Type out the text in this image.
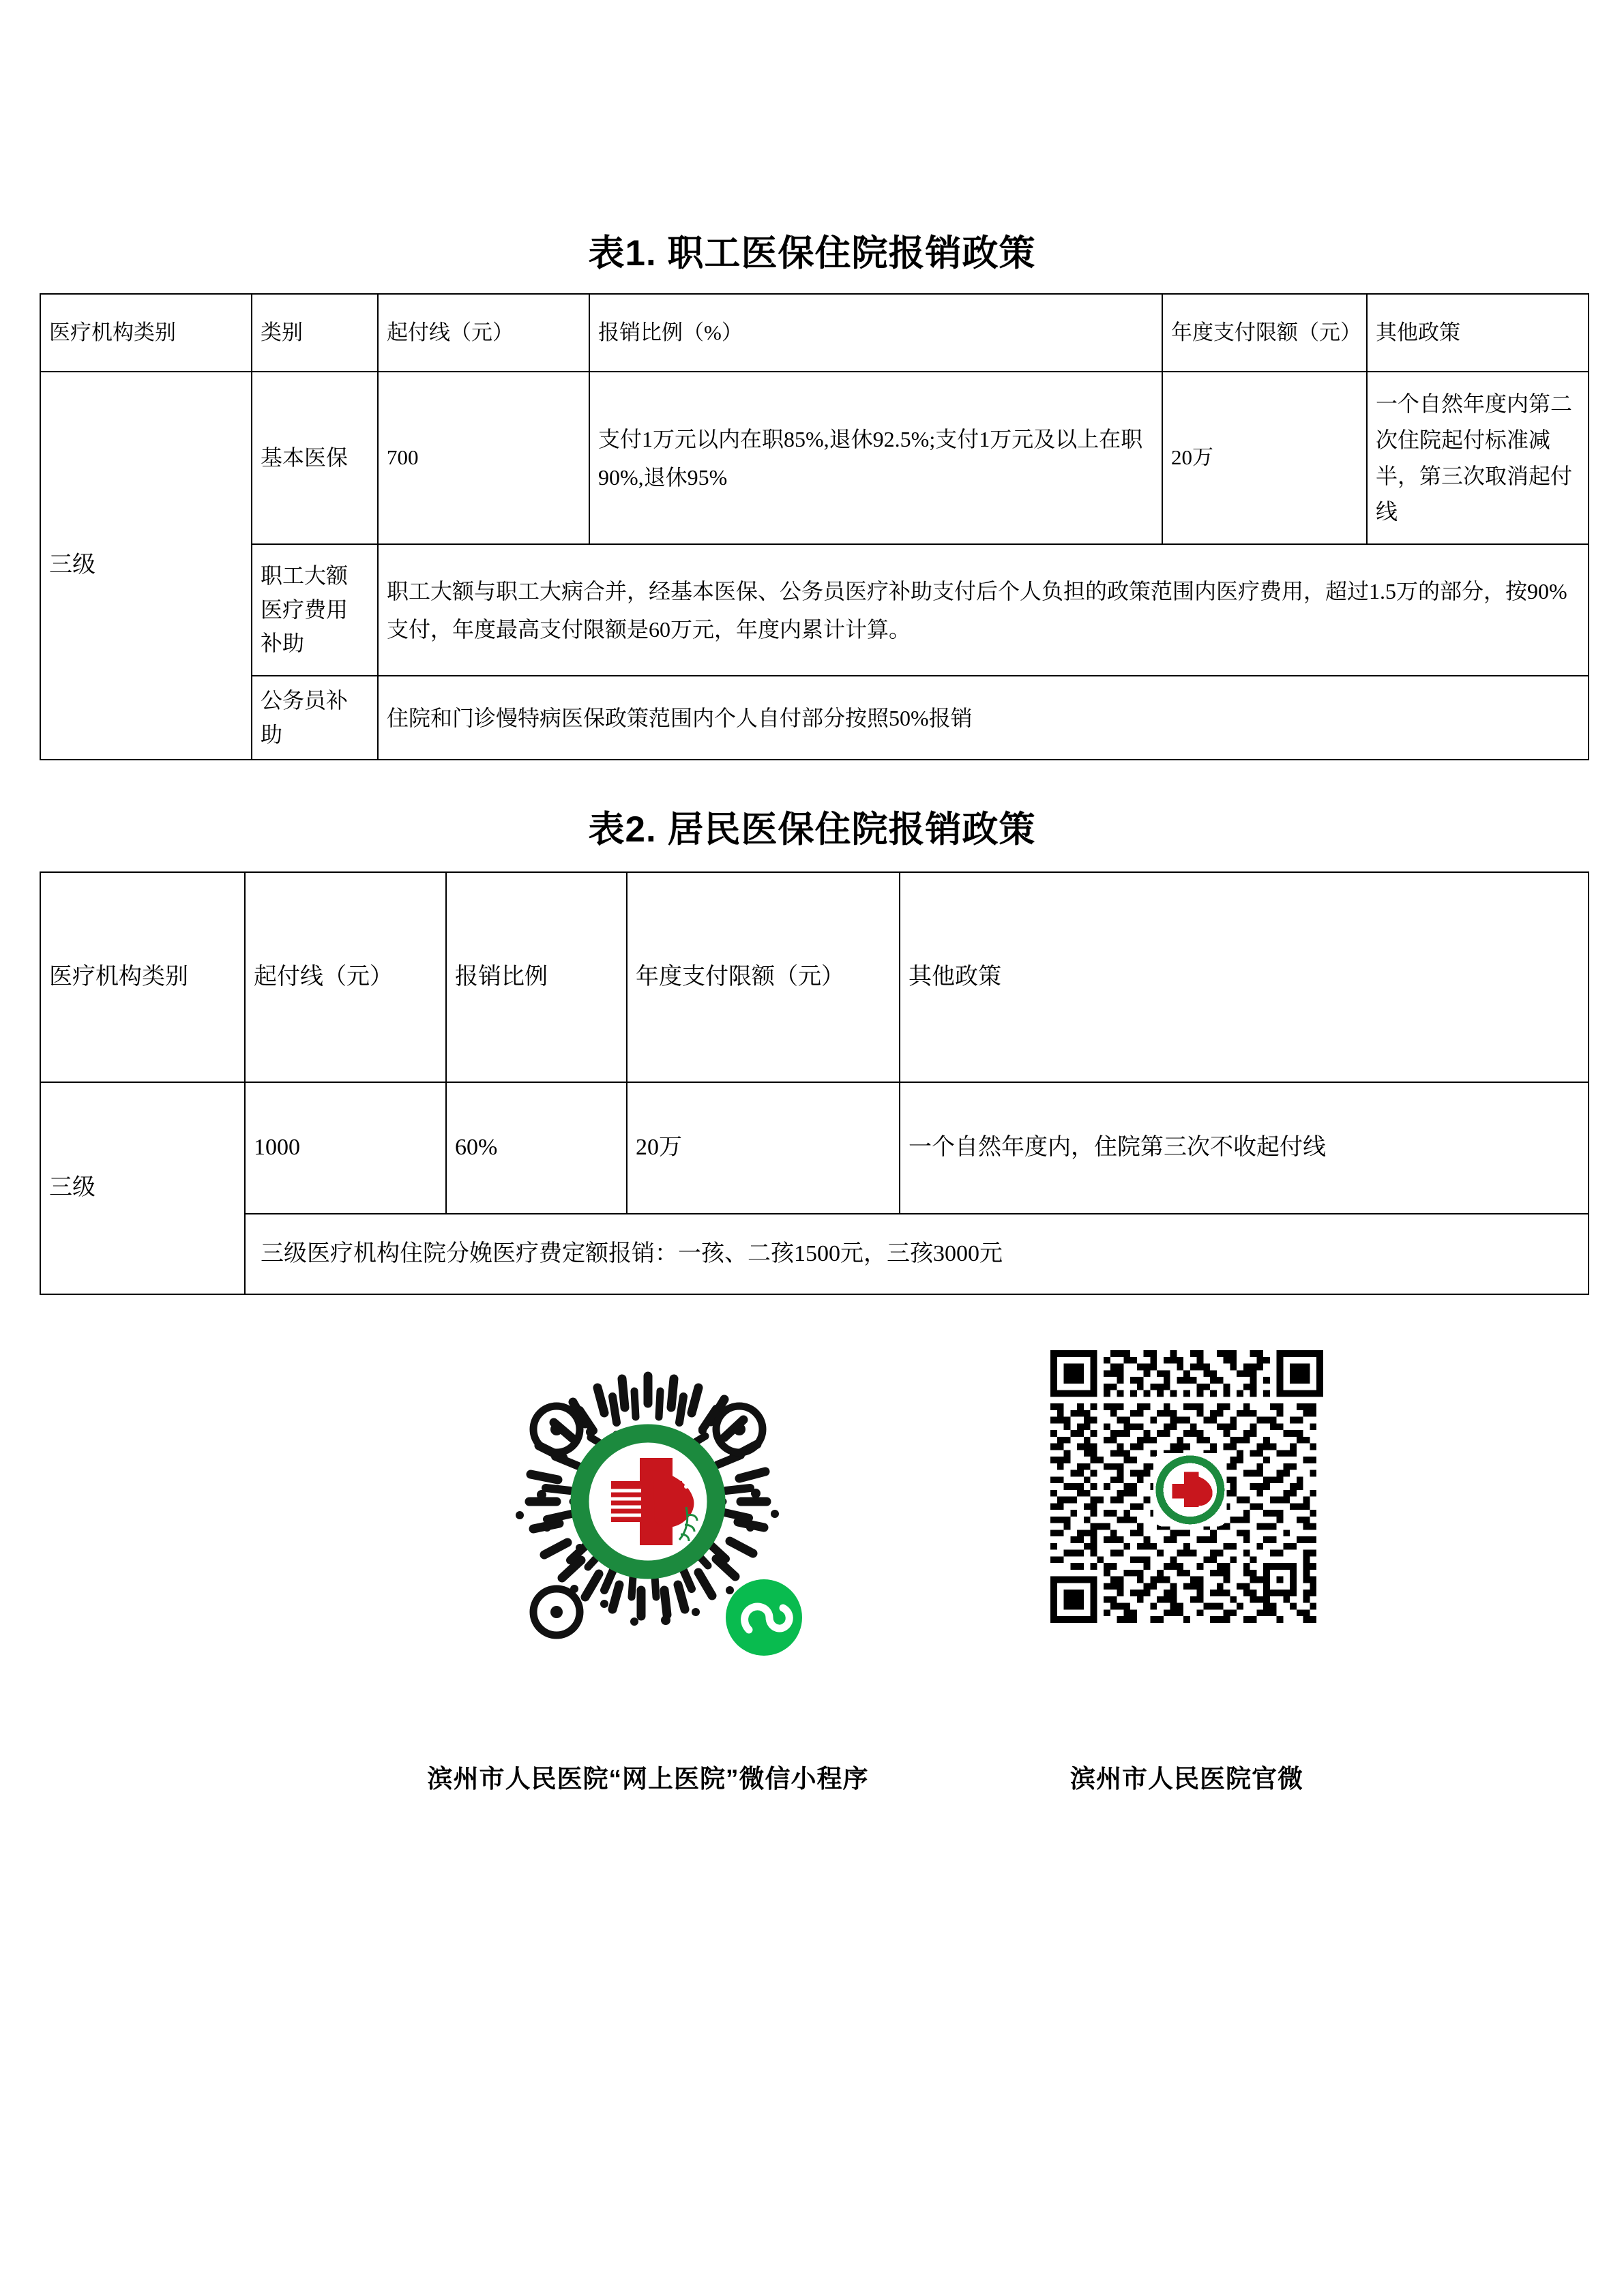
表1. 职工医保住院报销政策
医疗机构类别	类别	起付线（元）	报销比例（%）	年度支付限额（元）	其他政策
三级	基本医保	700	支付1万元以内在职85%,退休92.5%;支付1万元及以上在职90%,退休95%	20万	一个自然年度内第二次住院起付标准减半，第三次取消起付线
	职工大额医疗费用补助	职工大额与职工大病合并，经基本医保、公务员医疗补助支付后个人负担的政策范围内医疗费用，超过1.5万的部分，按90%支付，年度最高支付限额是60万元，年度内累计计算。			
	公务员补助	住院和门诊慢特病医保政策范围内个人自付部分按照50%报销			
表2. 居民医保住院报销政策
医疗机构类别	起付线（元）	报销比例	年度支付限额（元）	其他政策
三级	1000	60%	20万	一个自然年度内，住院第三次不收起付线
	三级医疗机构住院分娩医疗费定额报销：一孩、二孩1500元，三孩3000元			
滨州市人民医院“网上医院”微信小程序	滨州市人民医院官微
